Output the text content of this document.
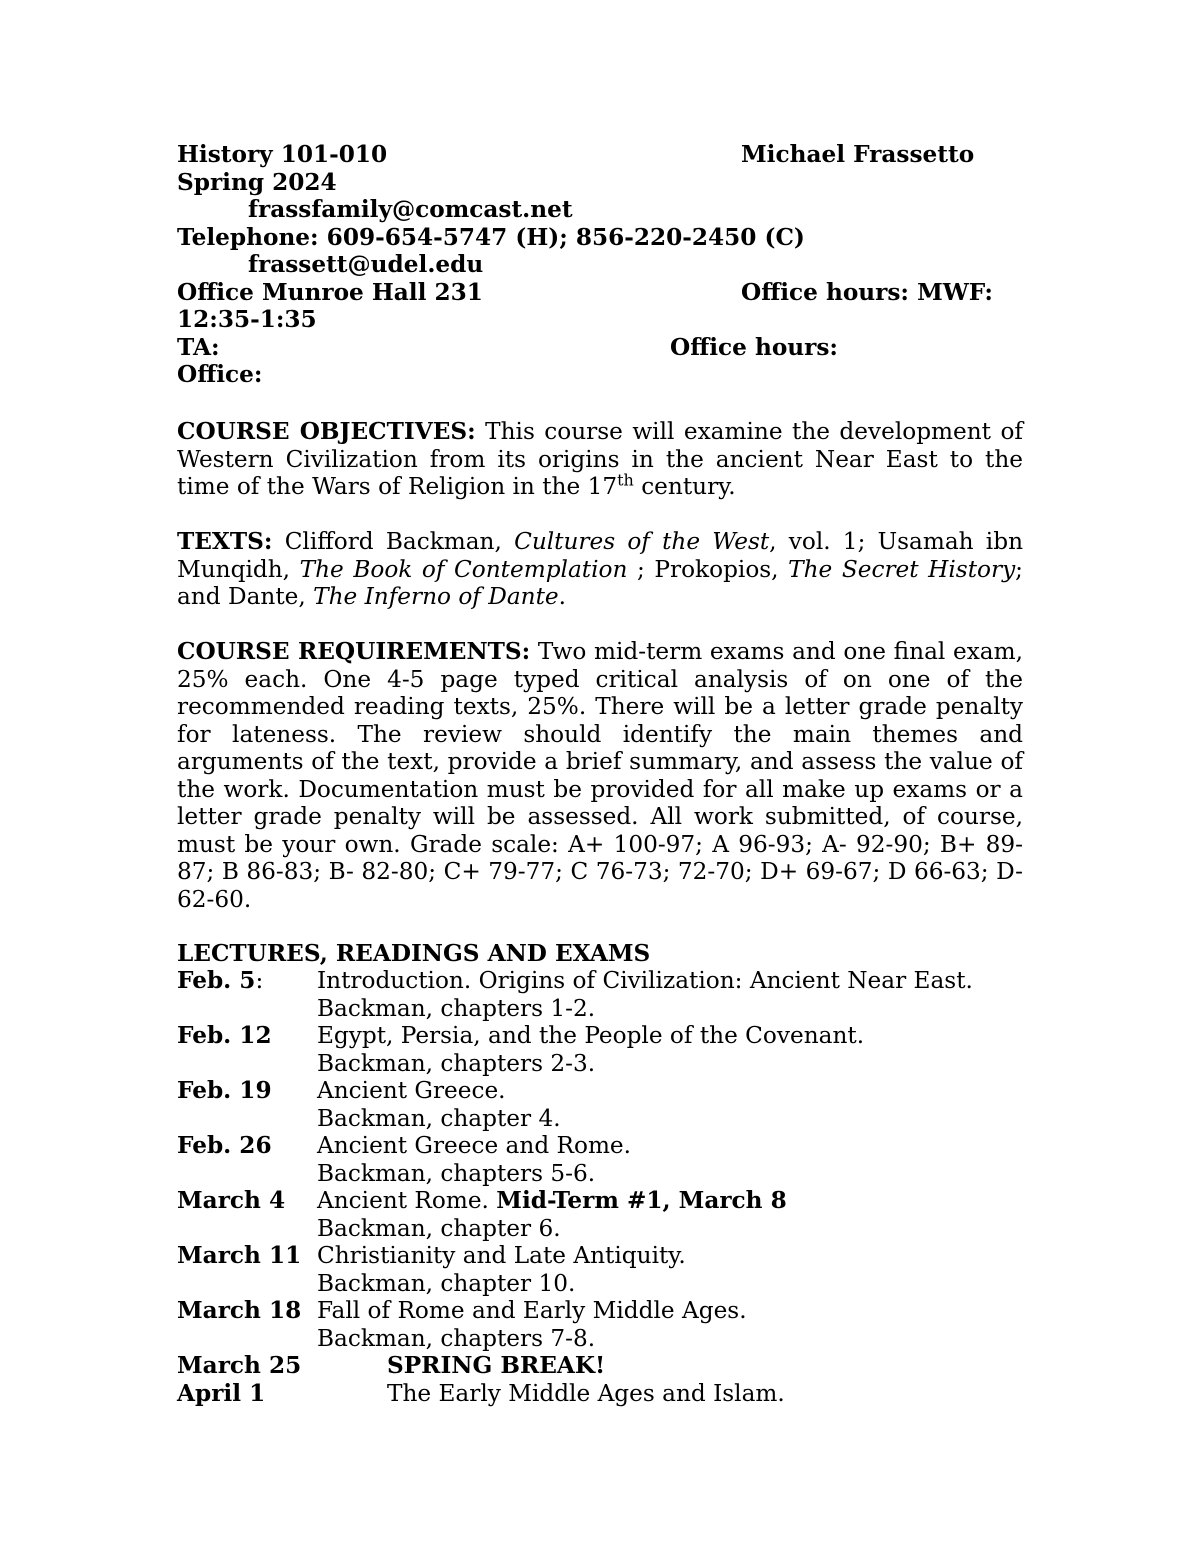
History 101-010	Michael Frassetto
Spring 2024
frassfamily@comcast.net
Telephone: 609-654-5747 (H); 856-220-2450 (C)
frassett@udel.edu
Office Munroe Hall 231	Office hours: MWF:
12:35-1:35
TA:	Office hours:
Office:
COURSE OBJECTIVES: This course will examine the development of Western Civilization from its origins in the ancient Near East to the time of the Wars of Religion in the 17th century.
TEXTS: Clifford Backman, Cultures of the West, vol. 1; Usamah ibn Munqidh, The Book of Contemplation ; Prokopios, The Secret History; and Dante, The Inferno of Dante.
COURSE REQUIREMENTS: Two mid-term exams and one final exam, 25% each. One 4-5 page typed critical analysis of on one of the recommended reading texts, 25%. There will be a letter grade penalty for lateness. The review should identify the main themes and arguments of the text, provide a brief summary, and assess the value of the work. Documentation must be provided for all make up exams or a letter grade penalty will be assessed. All work submitted, of course, must be your own. Grade scale: A+ 100-97; A 96-93; A- 92-90; B+ 89-87; B 86-83; B- 82-80; C+ 79-77; C 76-73; 72-70; D+ 69-67; D 66-63; D- 62-60.
LECTURES, READINGS AND EXAMS
Feb. 5:	Introduction. Origins of Civilization: Ancient Near East.
Backman, chapters 1-2.
Feb. 12	Egypt, Persia, and the People of the Covenant.
Backman, chapters 2-3.
Feb. 19	Ancient Greece.
Backman, chapter 4.
Feb. 26	Ancient Greece and Rome.
Backman, chapters 5-6.
March 4	Ancient Rome. Mid-Term #1, March 8
Backman, chapter 6.
March 11 Christianity and Late Antiquity.
Backman, chapter 10.
March 18 Fall of Rome and Early Middle Ages.
Backman, chapters 7-8.
March 25	SPRING BREAK!
April 1	The Early Middle Ages and Islam.
